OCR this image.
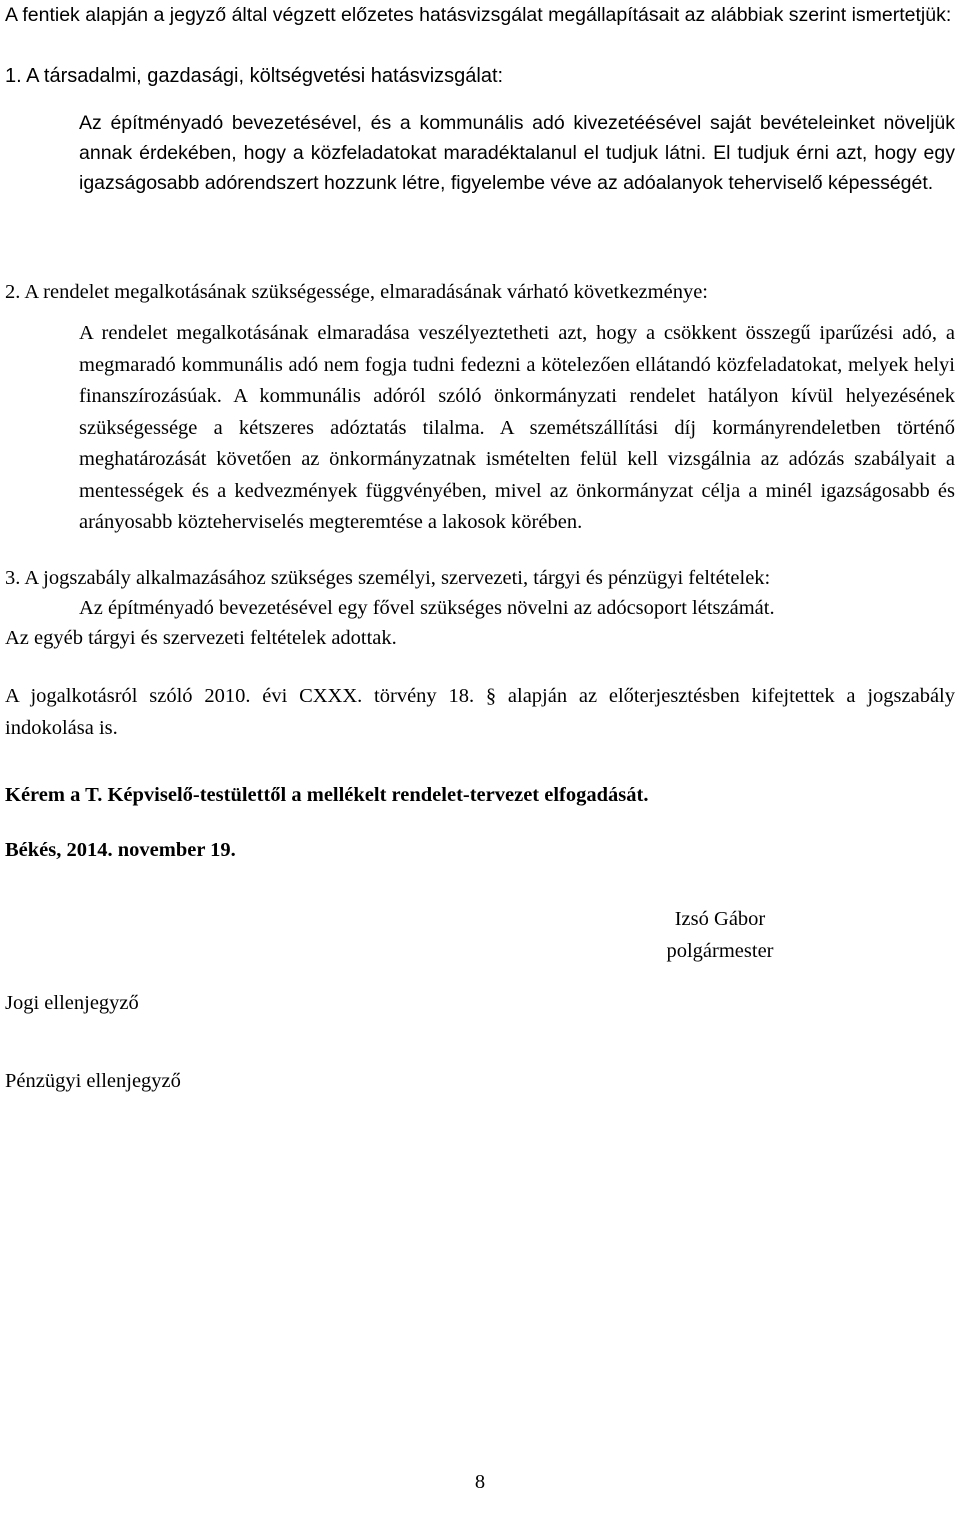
A fentiek alapján a jegyző által végzett előzetes hatásvizsgálat megállapításait az alábbiak szerint ismertetjük:

1. A társadalmi, gazdasági, költségvetési hatásvizsgálat:

Az építményadó bevezetésével, és a kommunális adó kivezetéésével saját bevételeinket növeljük annak érdekében, hogy a közfeladatokat maradéktalanul el tudjuk látni. El tudjuk érni azt, hogy egy igazságosabb adórendszert hozzunk létre, figyelembe véve az adóalanyok teherviselő képességét.

2. A rendelet megalkotásának szükségessége, elmaradásának várható következménye:

A rendelet megalkotásának elmaradása veszélyeztetheti azt, hogy a csökkent összegű iparűzési adó, a megmaradó kommunális adó nem fogja tudni fedezni a kötelezően ellátandó közfeladatokat, melyek helyi finanszírozásúak. A kommunális adóról szóló önkormányzati rendelet hatályon kívül helyezésének szükségessége a kétszeres adóztatás tilalma. A szemétszállítási díj kormányrendeletben történő meghatározását követően az önkormányzatnak ismételten felül kell vizsgálnia az adózás szabályait a mentességek és a kedvezmények függvényében, mivel az önkormányzat célja a minél igazságosabb és arányosabb közteherviselés megteremtése a lakosok körében.

3. A jogszabály alkalmazásához szükséges személyi, szervezeti, tárgyi és pénzügyi feltételek:

Az építményadó bevezetésével egy fővel szükséges növelni az adócsoport létszámát.

Az egyéb tárgyi és szervezeti feltételek adottak.

A jogalkotásról szóló 2010. évi CXXX. törvény 18. § alapján az előterjesztésben kifejtettek a jogszabály indokolása is.

Kérem a T. Képviselő-testülettől a mellékelt rendelet-tervezet elfogadását.

Békés, 2014. november 19.

Izsó Gábor
polgármester

Jogi ellenjegyző

Pénzügyi ellenjegyző

8
